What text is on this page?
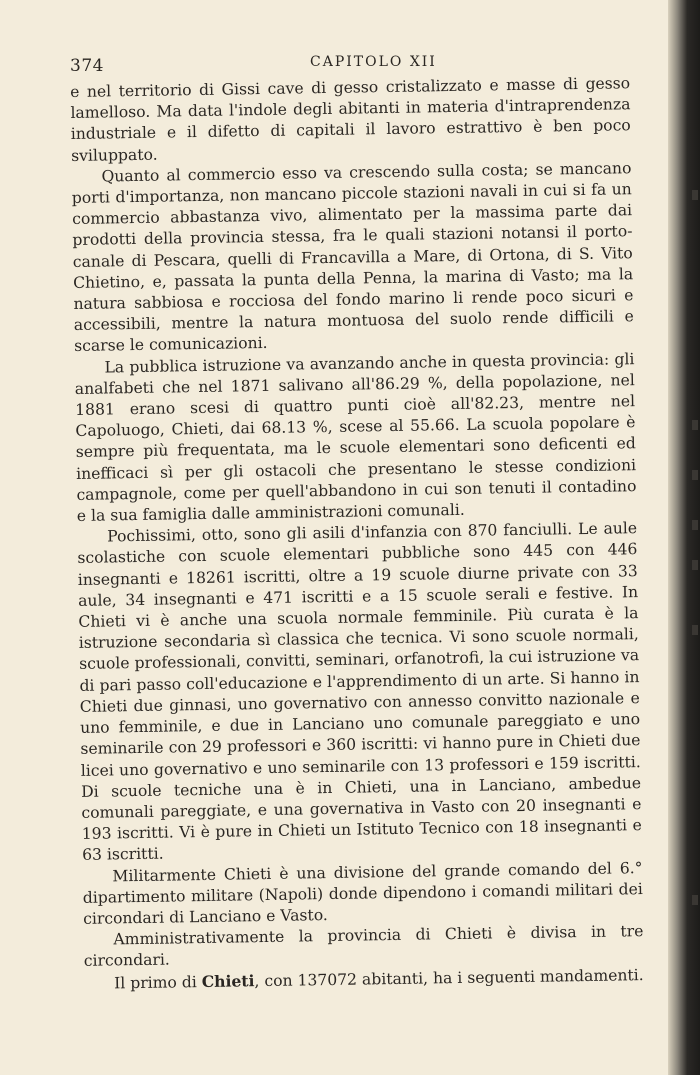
374	CAPITOLO XII

e nel territorio di Gissi cave di gesso cristalizzato e masse di gesso lamelloso. Ma data l'indole degli abitanti in materia d'intraprendenza industriale e il difetto di capitali il lavoro estrattivo è ben poco sviluppato.

Quanto al commercio esso va crescendo sulla costa; se mancano porti d'importanza, non mancano piccole stazioni navali in cui si fa un commercio abbastanza vivo, alimentato per la massima parte dai prodotti della provincia stessa, fra le quali stazioni notansi il porto-canale di Pescara, quelli di Francavilla a Mare, di Ortona, di S. Vito Chietino, e, passata la punta della Penna, la marina di Vasto; ma la natura sabbiosa e rocciosa del fondo marino li rende poco sicuri e accessibili, mentre la natura montuosa del suolo rende difficili e scarse le comunicazioni.

La pubblica istruzione va avanzando anche in questa provincia: gli analfabeti che nel 1871 salivano all'86.29 %, della popolazione, nel 1881 erano scesi di quattro punti cioè all'82.23, mentre nel Capoluogo, Chieti, dai 68.13 %, scese al 55.66. La scuola popolare è sempre più frequentata, ma le scuole elementari sono deficenti ed inefficaci sì per gli ostacoli che presentano le stesse condizioni campagnole, come per quell'abbandono in cui son tenuti il contadino e la sua famiglia dalle amministrazioni comunali.

Pochissimi, otto, sono gli asili d'infanzia con 870 fanciulli. Le aule scolastiche con scuole elementari pubbliche sono 445 con 446 insegnanti e 18261 iscritti, oltre a 19 scuole diurne private con 33 aule, 34 insegnanti e 471 iscritti e a 15 scuole serali e festive. In Chieti vi è anche una scuola normale femminile. Più curata è la istruzione secondaria sì classica che tecnica. Vi sono scuole normali, scuole professionali, convitti, seminari, orfanotrofi, la cui istruzione va di pari passo coll'educazione e l'apprendimento di un arte. Si hanno in Chieti due ginnasi, uno governativo con annesso convitto nazionale e uno femminile, e due in Lanciano uno comunale pareggiato e uno seminarile con 29 professori e 360 iscritti: vi hanno pure in Chieti due licei uno governativo e uno seminarile con 13 professori e 159 iscritti. Di scuole tecniche una è in Chieti, una in Lanciano, ambedue comunali pareggiate, e una governativa in Vasto con 20 insegnanti e 193 iscritti. Vi è pure in Chieti un Istituto Tecnico con 18 insegnanti e 63 iscritti.

Militarmente Chieti è una divisione del grande comando del 6.° dipartimento militare (Napoli) donde dipendono i comandi militari dei circondari di Lanciano e Vasto.

Amministrativamente la provincia di Chieti è divisa in tre circondari.

Il primo di Chieti, con 137072 abitanti, ha i seguenti mandamenti.
